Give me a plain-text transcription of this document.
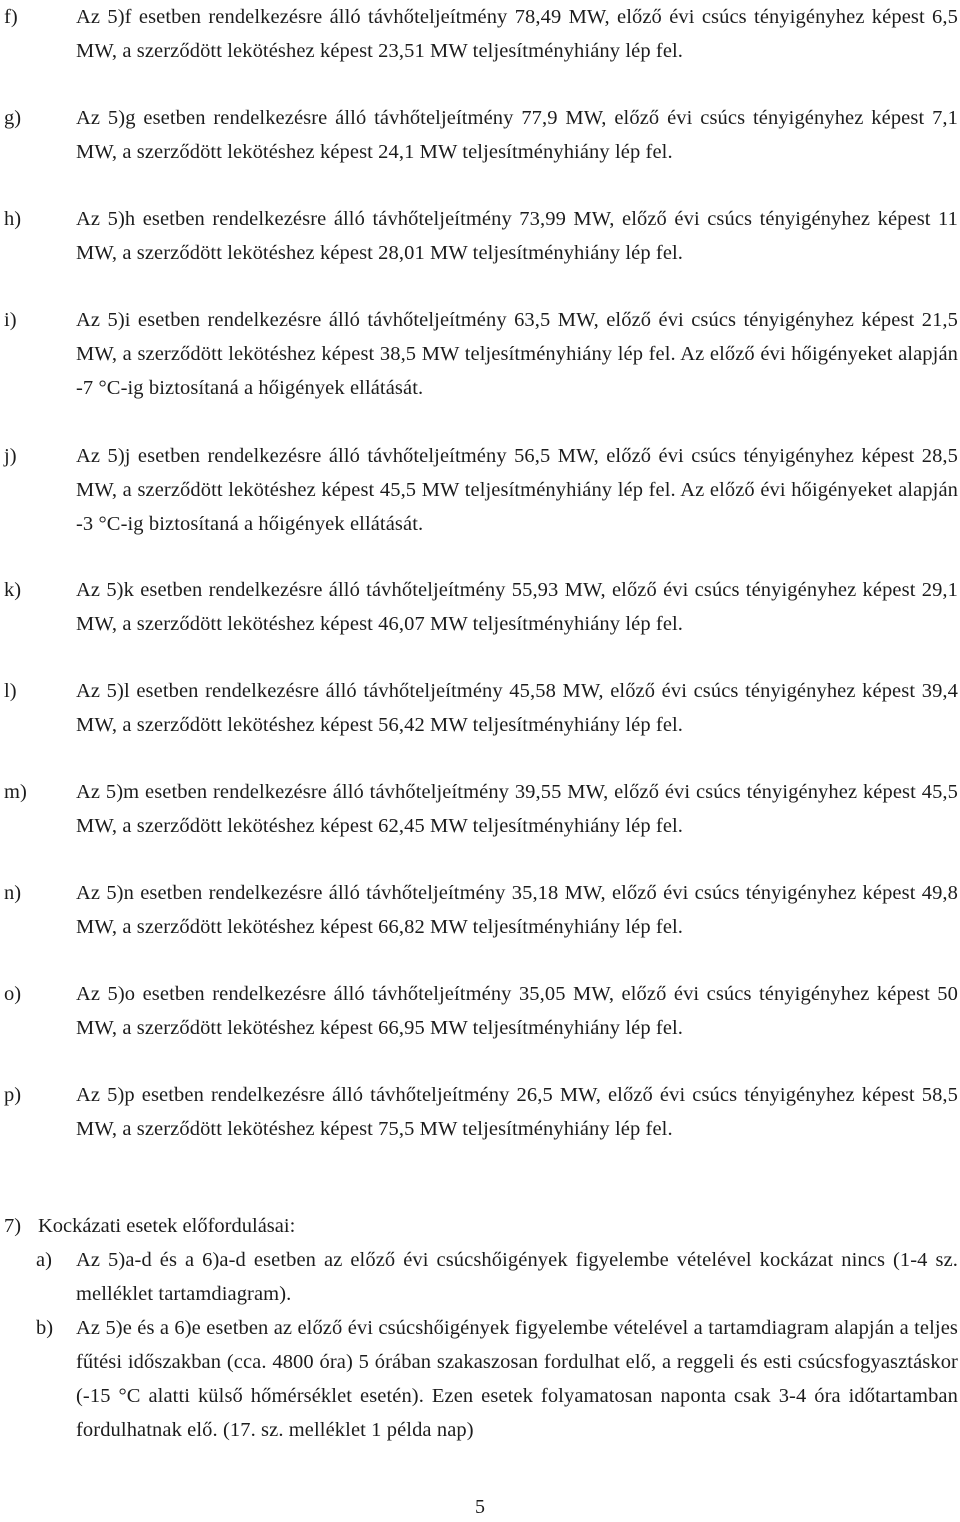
f)	Az 5)f esetben rendelkezésre álló távhőteljeítmény 78,49 MW, előző évi csúcs tényigényhez képest 6,5 MW, a szerződött lekötéshez képest 23,51 MW teljesítményhiány lép fel.
g)	Az 5)g esetben rendelkezésre álló távhőteljeítmény 77,9 MW, előző évi csúcs tényigényhez képest 7,1 MW, a szerződött lekötéshez képest 24,1 MW teljesítményhiány lép fel.
h)	Az 5)h esetben rendelkezésre álló távhőteljeítmény 73,99 MW, előző évi csúcs tényigényhez képest 11 MW, a szerződött lekötéshez képest 28,01 MW teljesítményhiány lép fel.
i)	Az 5)i esetben rendelkezésre álló távhőteljeítmény 63,5 MW, előző évi csúcs tényigényhez képest 21,5 MW, a szerződött lekötéshez képest 38,5 MW teljesítményhiány lép fel. Az előző évi hőigényeket alapján -7 °C-ig biztosítaná a hőigények ellátását.
j)	Az 5)j esetben rendelkezésre álló távhőteljeítmény 56,5 MW, előző évi csúcs tényigényhez képest 28,5 MW, a szerződött lekötéshez képest 45,5 MW teljesítményhiány lép fel. Az előző évi hőigényeket alapján -3 °C-ig biztosítaná a hőigények ellátását.
k)	Az 5)k esetben rendelkezésre álló távhőteljeítmény 55,93 MW, előző évi csúcs tényigényhez képest 29,1 MW, a szerződött lekötéshez képest 46,07 MW teljesítményhiány lép fel.
l)	Az 5)l esetben rendelkezésre álló távhőteljeítmény 45,58 MW, előző évi csúcs tényigényhez képest 39,4 MW, a szerződött lekötéshez képest 56,42 MW teljesítményhiány lép fel.
m) Az 5)m esetben rendelkezésre álló távhőteljeítmény 39,55 MW, előző évi csúcs tényigényhez képest 45,5 MW, a szerződött lekötéshez képest 62,45 MW teljesítményhiány lép fel.
n)	Az 5)n esetben rendelkezésre álló távhőteljeítmény 35,18 MW, előző évi csúcs tényigényhez képest 49,8 MW, a szerződött lekötéshez képest 66,82 MW teljesítményhiány lép fel.
o)	Az 5)o esetben rendelkezésre álló távhőteljeítmény 35,05 MW, előző évi csúcs tényigényhez képest 50 MW, a szerződött lekötéshez képest 66,95 MW teljesítményhiány lép fel.
p)	Az 5)p esetben rendelkezésre álló távhőteljeítmény 26,5 MW, előző évi csúcs tényigényhez képest 58,5 MW, a szerződött lekötéshez képest 75,5 MW teljesítményhiány lép fel.
7) Kockázati esetek előfordulásai:
a) Az 5)a-d és a 6)a-d esetben az előző évi csúcshőigények figyelembe vételével kockázat nincs (1-4 sz. melléklet tartamdiagram).
b) Az 5)e és a 6)e esetben az előző évi csúcshőigények figyelembe vételével a tartamdiagram alapján a teljes fűtési időszakban (cca. 4800 óra) 5 órában szakaszosan fordulhat elő, a reggeli és esti csúcsfogyasztáskor (-15 °C alatti külső hőmérséklet esetén). Ezen esetek folyamatosan naponta csak 3-4 óra időtartamban fordulhatnak elő. (17. sz. melléklet 1 példa nap)
5
